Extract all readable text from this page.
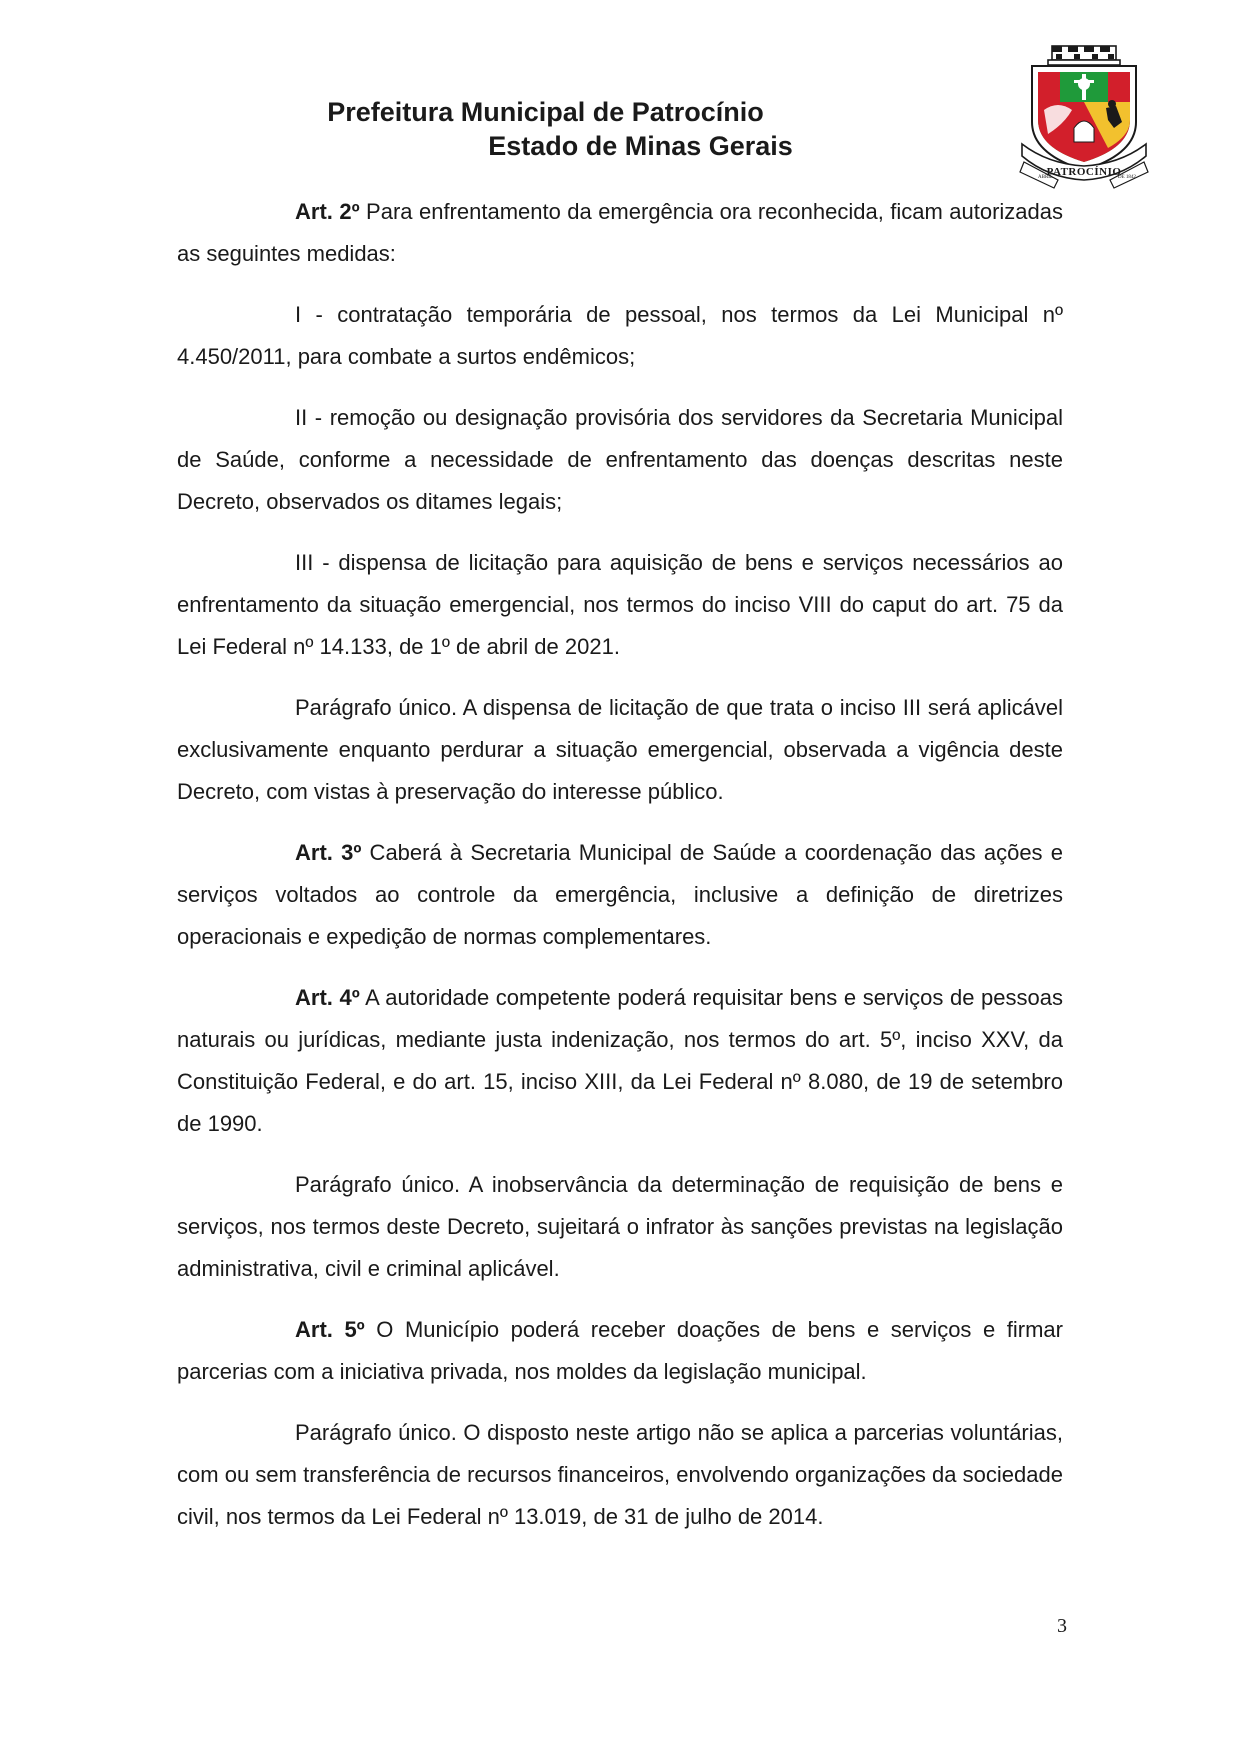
Prefeitura Municipal de Patrocínio
Estado de Minas Gerais
PATROCÍNIO
ABRIL	DE 1842

Art. 2º Para enfrentamento da emergência ora reconhecida, ficam autorizadas as seguintes medidas:

I - contratação temporária de pessoal, nos termos da Lei Municipal nº 4.450/2011, para combate a surtos endêmicos;

II - remoção ou designação provisória dos servidores da Secretaria Municipal de Saúde, conforme a necessidade de enfrentamento das doenças descritas neste Decreto, observados os ditames legais;

III - dispensa de licitação para aquisição de bens e serviços necessários ao enfrentamento da situação emergencial, nos termos do inciso VIII do caput do art. 75 da Lei Federal nº 14.133, de 1º de abril de 2021.

Parágrafo único. A dispensa de licitação de que trata o inciso III será aplicável exclusivamente enquanto perdurar a situação emergencial, observada a vigência deste Decreto, com vistas à preservação do interesse público.

Art. 3º Caberá à Secretaria Municipal de Saúde a coordenação das ações e serviços voltados ao controle da emergência, inclusive a definição de diretrizes operacionais e expedição de normas complementares.

Art. 4º A autoridade competente poderá requisitar bens e serviços de pessoas naturais ou jurídicas, mediante justa indenização, nos termos do art. 5º, inciso XXV, da Constituição Federal, e do art. 15, inciso XIII, da Lei Federal nº 8.080, de 19 de setembro de 1990.

Parágrafo único. A inobservância da determinação de requisição de bens e serviços, nos termos deste Decreto, sujeitará o infrator às sanções previstas na legislação administrativa, civil e criminal aplicável.

Art. 5º O Município poderá receber doações de bens e serviços e firmar parcerias com a iniciativa privada, nos moldes da legislação municipal.

Parágrafo único. O disposto neste artigo não se aplica a parcerias voluntárias, com ou sem transferência de recursos financeiros, envolvendo organizações da sociedade civil, nos termos da Lei Federal nº 13.019, de 31 de julho de 2014.

3
